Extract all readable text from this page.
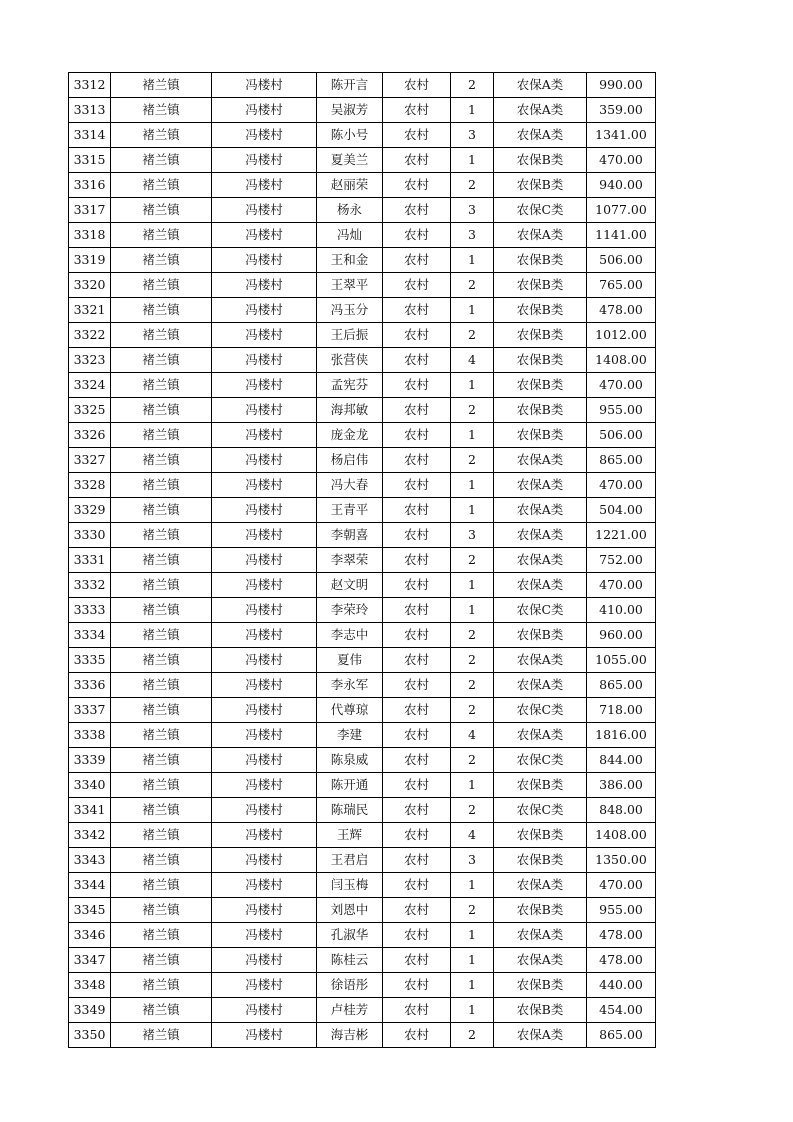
3312	褚兰镇	冯楼村	陈开言	农村	2	农保A类	990.00
3313	褚兰镇	冯楼村	吴淑芳	农村	1	农保A类	359.00
3314	褚兰镇	冯楼村	陈小号	农村	3	农保A类	1341.00
3315	褚兰镇	冯楼村	夏美兰	农村	1	农保B类	470.00
3316	褚兰镇	冯楼村	赵丽荣	农村	2	农保B类	940.00
3317	褚兰镇	冯楼村	杨永	农村	3	农保C类	1077.00
3318	褚兰镇	冯楼村	冯灿	农村	3	农保A类	1141.00
3319	褚兰镇	冯楼村	王和金	农村	1	农保B类	506.00
3320	褚兰镇	冯楼村	王翠平	农村	2	农保B类	765.00
3321	褚兰镇	冯楼村	冯玉分	农村	1	农保B类	478.00
3322	褚兰镇	冯楼村	王后振	农村	2	农保B类	1012.00
3323	褚兰镇	冯楼村	张营侠	农村	4	农保B类	1408.00
3324	褚兰镇	冯楼村	孟宪芬	农村	1	农保B类	470.00
3325	褚兰镇	冯楼村	海邦敏	农村	2	农保B类	955.00
3326	褚兰镇	冯楼村	庞金龙	农村	1	农保B类	506.00
3327	褚兰镇	冯楼村	杨启伟	农村	2	农保A类	865.00
3328	褚兰镇	冯楼村	冯大春	农村	1	农保A类	470.00
3329	褚兰镇	冯楼村	王青平	农村	1	农保A类	504.00
3330	褚兰镇	冯楼村	李朝喜	农村	3	农保A类	1221.00
3331	褚兰镇	冯楼村	李翠荣	农村	2	农保A类	752.00
3332	褚兰镇	冯楼村	赵文明	农村	1	农保A类	470.00
3333	褚兰镇	冯楼村	李荣玲	农村	1	农保C类	410.00
3334	褚兰镇	冯楼村	李志中	农村	2	农保B类	960.00
3335	褚兰镇	冯楼村	夏伟	农村	2	农保A类	1055.00
3336	褚兰镇	冯楼村	李永军	农村	2	农保A类	865.00
3337	褚兰镇	冯楼村	代尊琼	农村	2	农保C类	718.00
3338	褚兰镇	冯楼村	李建	农村	4	农保A类	1816.00
3339	褚兰镇	冯楼村	陈泉威	农村	2	农保C类	844.00
3340	褚兰镇	冯楼村	陈开通	农村	1	农保B类	386.00
3341	褚兰镇	冯楼村	陈瑞民	农村	2	农保C类	848.00
3342	褚兰镇	冯楼村	王辉	农村	4	农保B类	1408.00
3343	褚兰镇	冯楼村	王君启	农村	3	农保B类	1350.00
3344	褚兰镇	冯楼村	闫玉梅	农村	1	农保A类	470.00
3345	褚兰镇	冯楼村	刘恩中	农村	2	农保B类	955.00
3346	褚兰镇	冯楼村	孔淑华	农村	1	农保A类	478.00
3347	褚兰镇	冯楼村	陈桂云	农村	1	农保A类	478.00
3348	褚兰镇	冯楼村	徐语彤	农村	1	农保B类	440.00
3349	褚兰镇	冯楼村	卢桂芳	农村	1	农保B类	454.00
3350	褚兰镇	冯楼村	海吉彬	农村	2	农保A类	865.00
